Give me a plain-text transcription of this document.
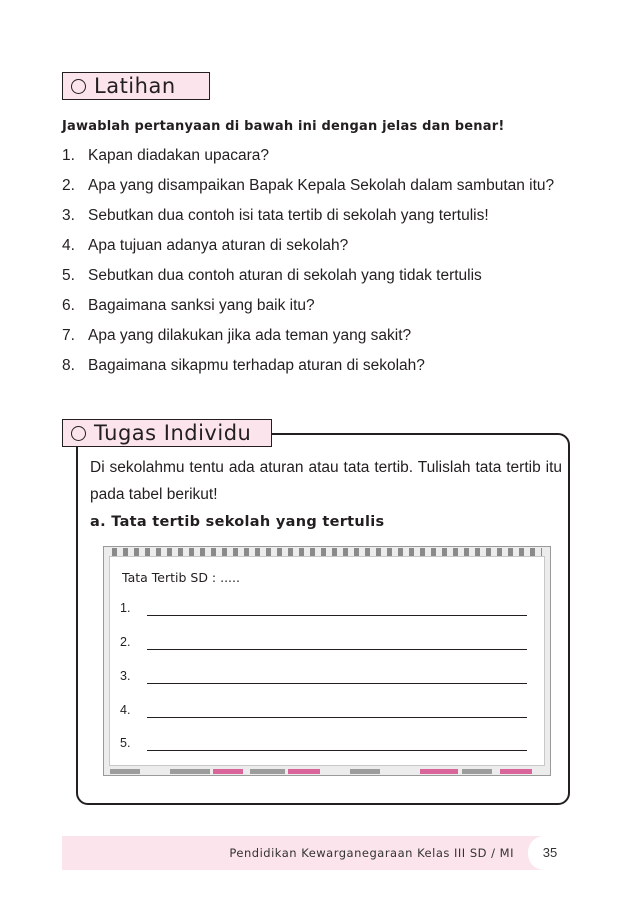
Latihan
Jawablah pertanyaan di bawah ini dengan jelas dan benar!
1. Kapan diadakan upacara?
2. Apa yang disampaikan Bapak Kepala Sekolah dalam sambutan itu?
3. Sebutkan dua contoh isi tata tertib di sekolah yang tertulis!
4. Apa tujuan adanya aturan di sekolah?
5. Sebutkan dua contoh aturan di sekolah yang tidak tertulis
6. Bagaimana sanksi yang baik itu?
7. Apa yang dilakukan jika ada teman yang sakit?
8. Bagaimana sikapmu terhadap aturan di sekolah?
Tugas Individu
Di sekolahmu tentu ada aturan atau tata tertib. Tulislah tata tertib itu pada tabel berikut!
a. Tata tertib sekolah yang tertulis
Tata Tertib SD : .....
1.
2.
3.
4.
5.
Pendidikan Kewarganegaraan Kelas III SD / MI	35
